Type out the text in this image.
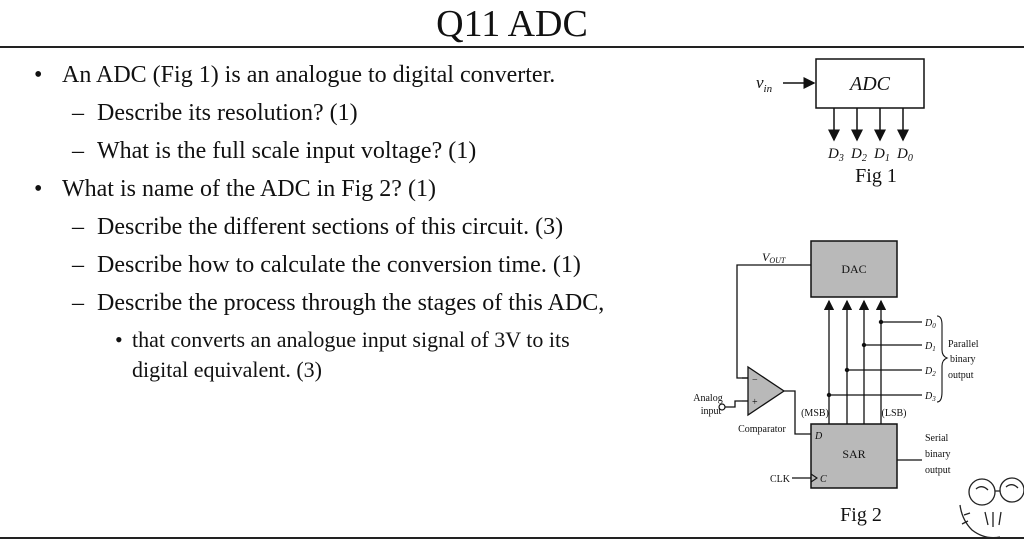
Q11 ADC
• An ADC (Fig 1) is an analogue to digital converter.
– Describe its resolution? (1)
– What is the full scale input voltage? (1)
• What is name of the ADC in Fig 2? (1)
– Describe the different sections of this circuit. (3)
– Describe how to calculate the conversion time. (1)
– Describe the process through the stages of this ADC,
• that converts an analogue input signal of 3V to its digital equivalent. (3)
$v_{in}$	ADC
$D_3$ $D_2$ $D_1$ $D_0$
Fig 1
DAC
VOUT
−
+
Analog
input
Comparator
SAR
D
C
CLK
(MSB)	(LSB)
$D_0$
$D_1$
$D_2$
$D_3$
Parallel
binary
output
Serial
binary
output
Fig 2
